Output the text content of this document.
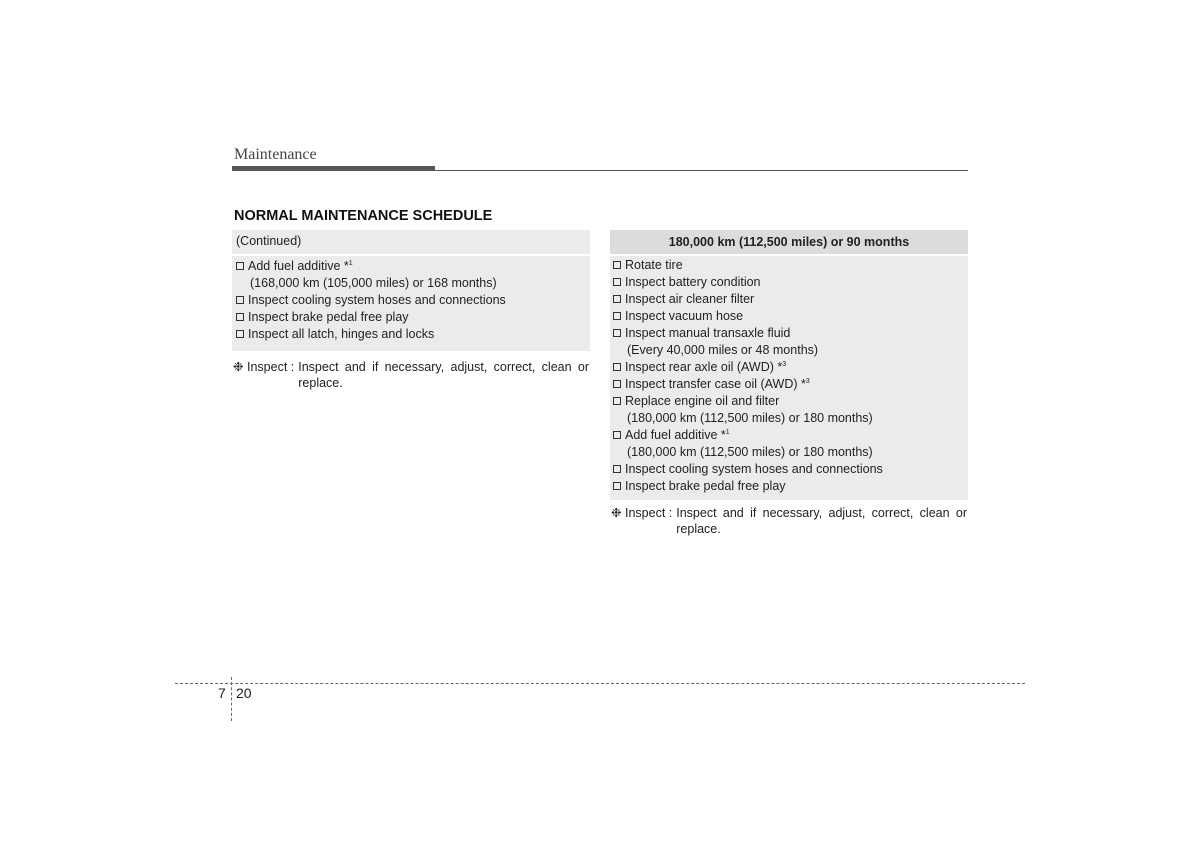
Maintenance
NORMAL MAINTENANCE SCHEDULE
(Continued)
Add fuel additive *$^1$
(168,000 km (105,000 miles) or 168 months)
Inspect cooling system hoses and connections
Inspect brake pedal free play
Inspect all latch, hinges and locks
180,000 km (112,500 miles) or 90 months
Rotate tire
Inspect battery condition
Inspect air cleaner filter
Inspect vacuum hose
Inspect manual transaxle fluid
(Every 40,000 miles or 48 months)
Inspect rear axle oil (AWD) *$^3$
Inspect transfer case oil (AWD) *$^3$
Replace engine oil and filter
(180,000 km (112,500 miles) or 180 months)
Add fuel additive *$^1$
(180,000 km (112,500 miles) or 180 months)
Inspect cooling system hoses and connections
Inspect brake pedal free play
❉ Inspect : Inspect and if necessary, adjust, correct, clean or replace.
❉ Inspect : Inspect and if necessary, adjust, correct, clean or replace.
7 20
